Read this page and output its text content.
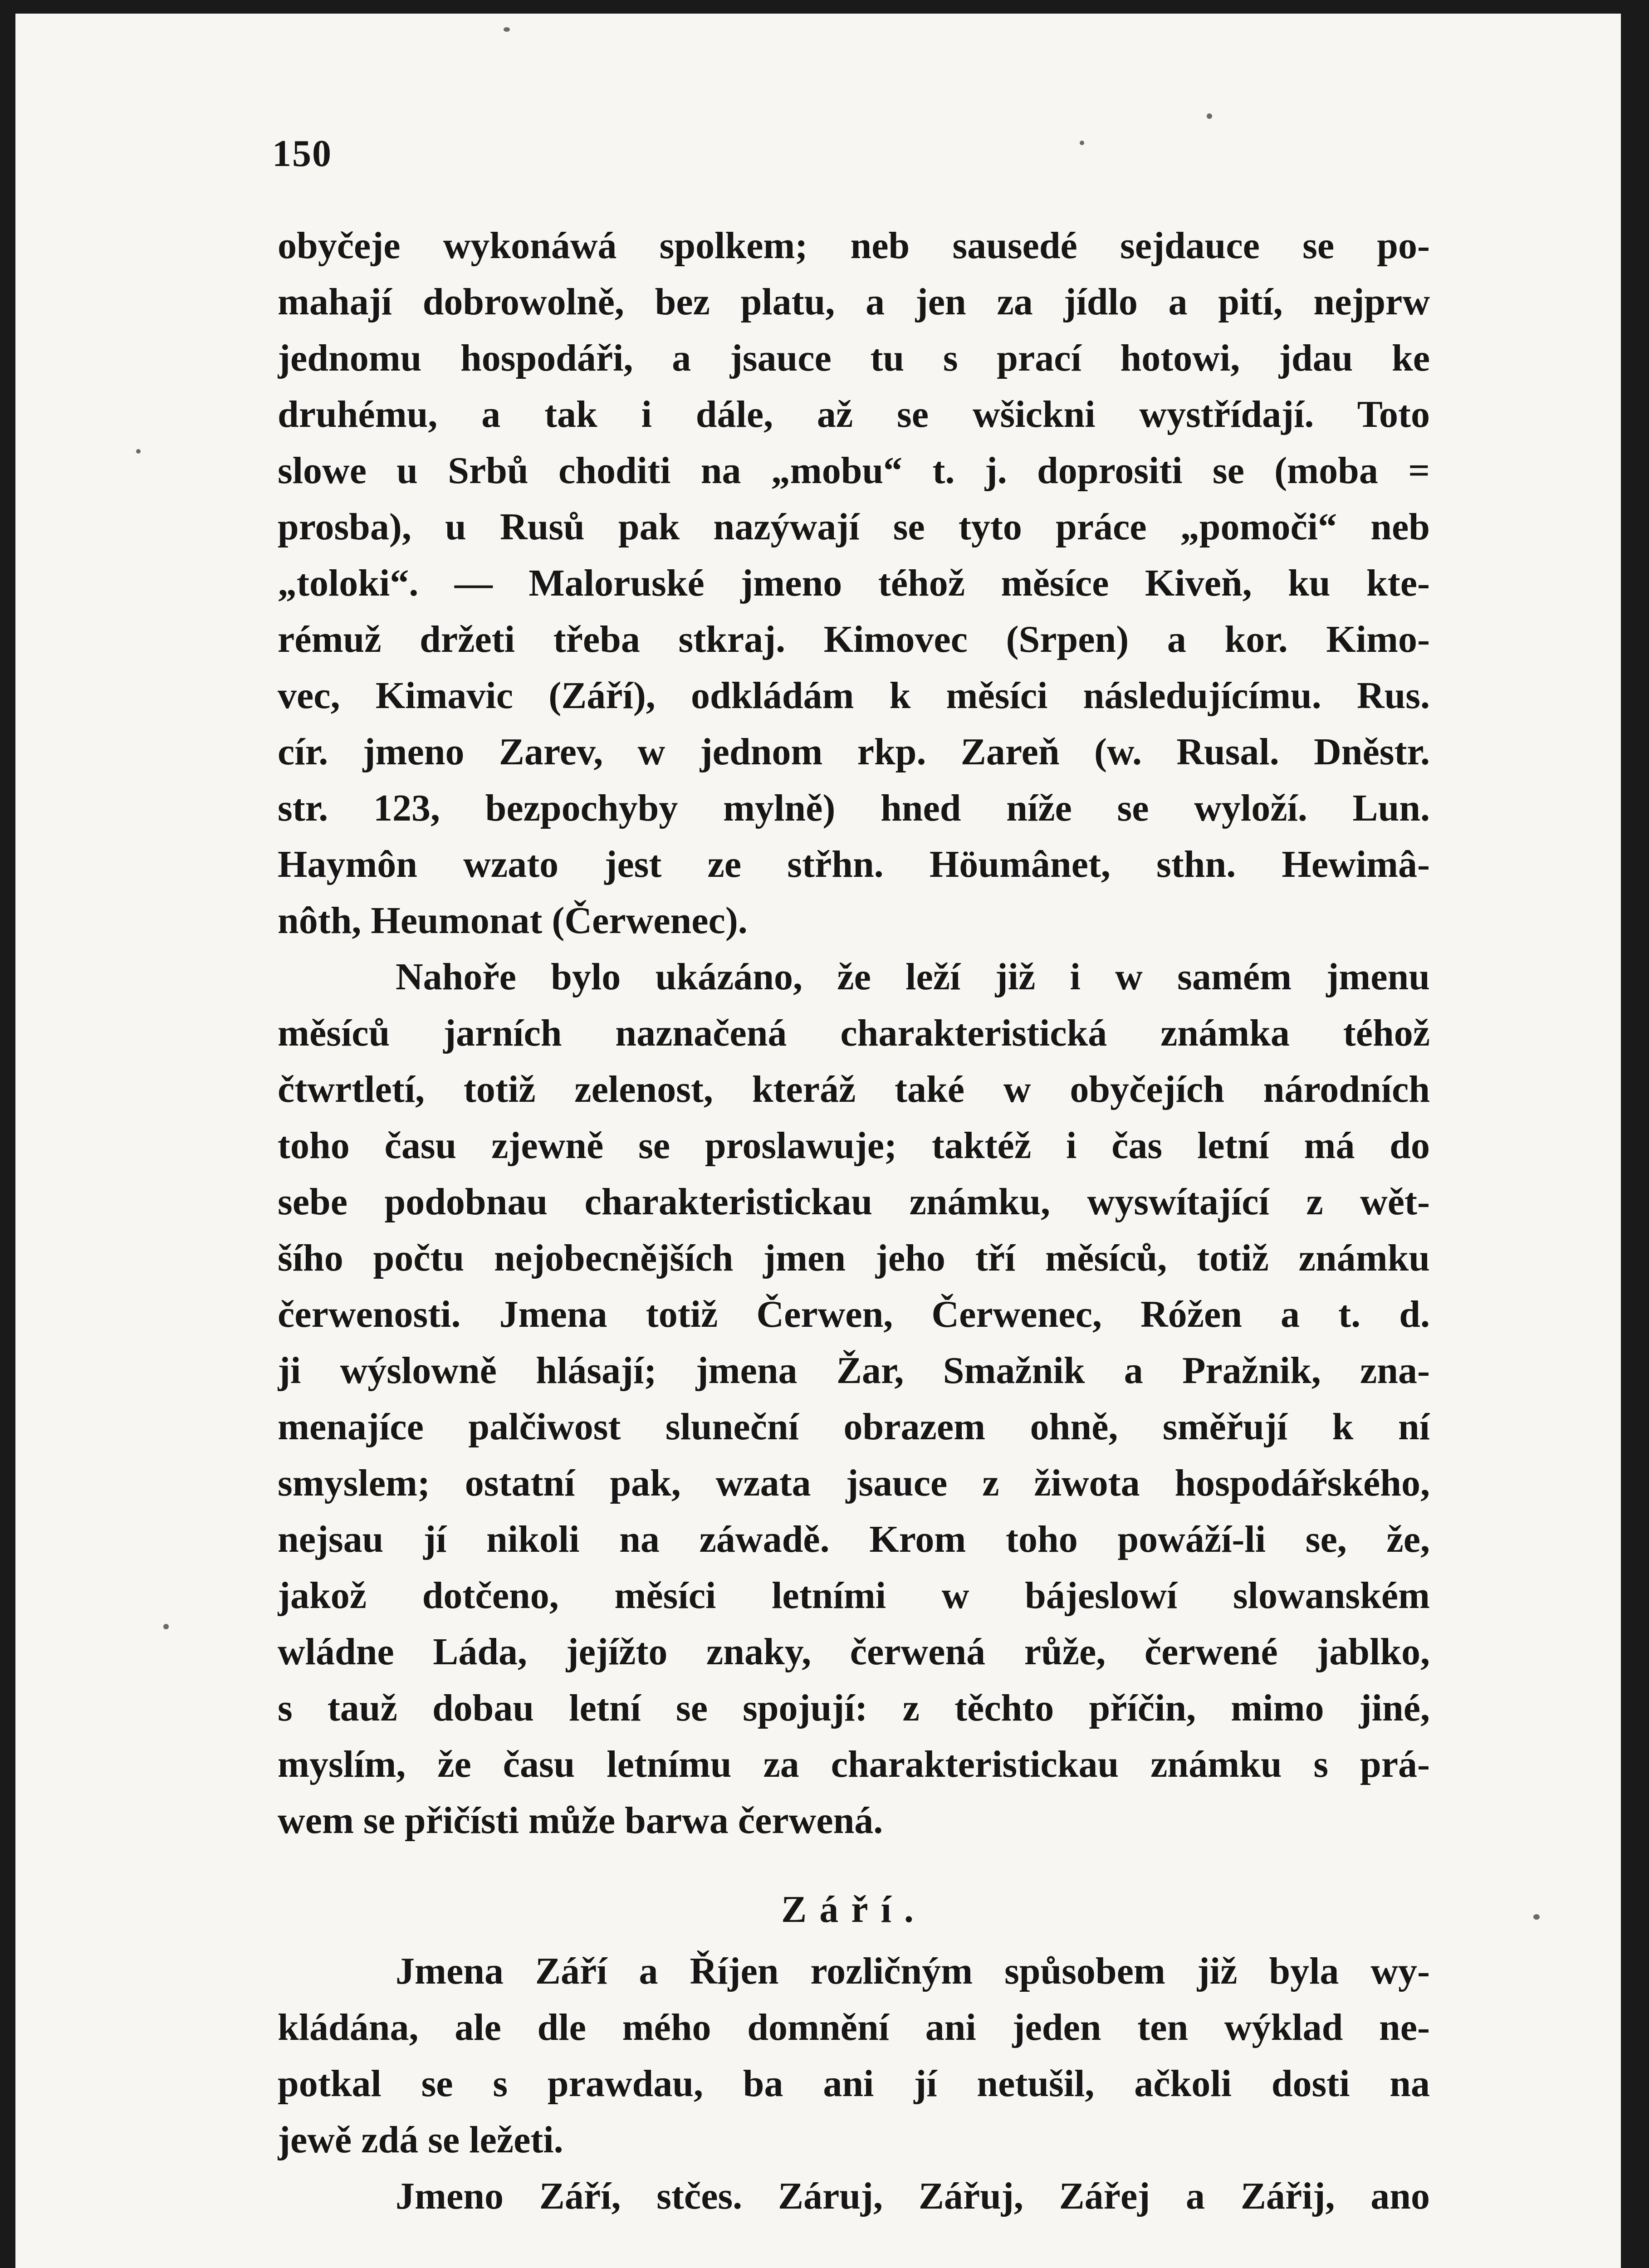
150
obyčeje wykonáwá spolkem; neb sausedé sejdauce se po-
mahají dobrowolně, bez platu, a jen za jídlo a pití, nejprw
jednomu hospodáři, a jsauce tu s prací hotowi, jdau ke
druhému, a tak i dále, až se wšickni wystřídají. Toto
slowe u Srbů choditi na „mobu“ t. j. doprositi se (moba =
prosba), u Rusů pak nazýwají se tyto práce „pomoči“ neb
„toloki“. — Maloruské jmeno téhož měsíce Kiveň, ku kte-
rémuž držeti třeba stkraj. Kimovec (Srpen) a kor. Kimo-
vec, Kimavic (Září), odkládám k měsíci následujícímu. Rus.
cír. jmeno Zarev, w jednom rkp. Zareň (w. Rusal. Dněstr.
str. 123, bezpochyby mylně) hned níže se wyloží. Lun.
Haymôn wzato jest ze střhn. Höumânet, sthn. Hewimâ-
nôth, Heumonat (Čerwenec).
Nahoře bylo ukázáno, že leží již i w samém jmenu
měsíců jarních naznačená charakteristická známka téhož
čtwrtletí, totiž zelenost, kteráž také w obyčejích národních
toho času zjewně se proslawuje; taktéž i čas letní má do
sebe podobnau charakteristickau známku, wyswítající z wět-
šího počtu nejobecnějších jmen jeho tří měsíců, totiž známku
čerwenosti. Jmena totiž Čerwen, Čerwenec, Róžen a t. d.
ji wýslowně hlásají; jmena Žar, Smažnik a Pražnik, zna-
menajíce palčiwost sluneční obrazem ohně, směřují k ní
smyslem; ostatní pak, wzata jsauce z žiwota hospodářského,
nejsau jí nikoli na záwadě. Krom toho powáží-li se, že,
jakož dotčeno, měsíci letními w bájeslowí slowanském
wládne Láda, jejížto znaky, čerwená růže, čerwené jablko,
s tauž dobau letní se spojují: z těchto příčin, mimo jiné,
myslím, že času letnímu za charakteristickau známku s prá-
wem se přičísti může barwa čerwená.
Září.
Jmena Září a Říjen rozličným spůsobem již byla wy-
kládána, ale dle mého domnění ani jeden ten wýklad ne-
potkal se s prawdau, ba ani jí netušil, ačkoli dosti na
jewě zdá se ležeti.
Jmeno Září, stčes. Záruj, Zářuj, Zářej a Zářij, ano
